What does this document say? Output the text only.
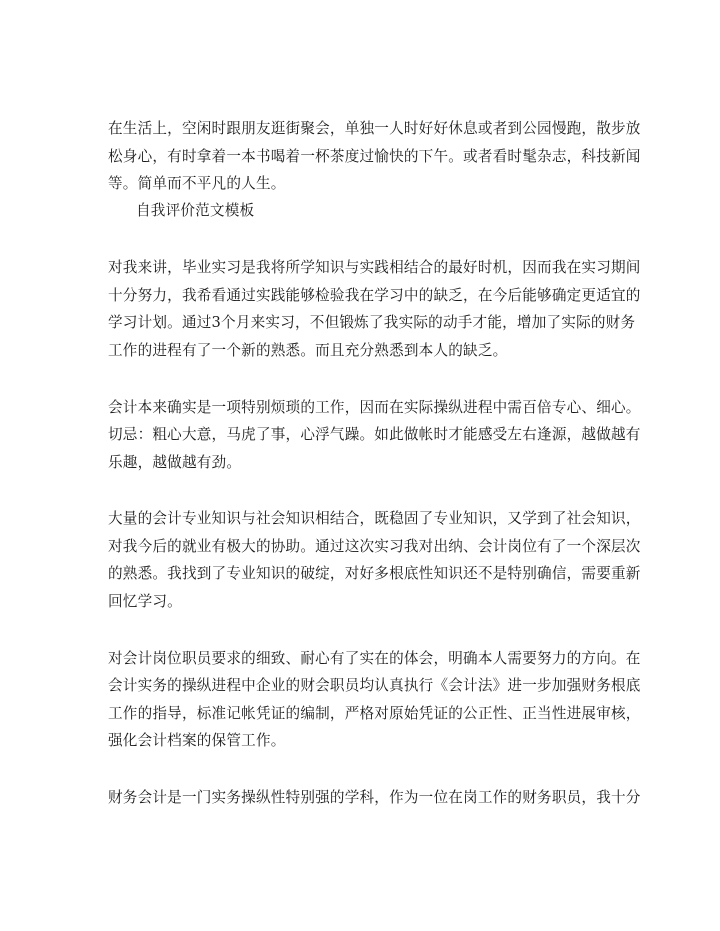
在生活上，空闲时跟朋友逛街聚会，单独一人时好好休息或者到公园慢跑，散步放
松身心，有时拿着一本书喝着一杯茶度过愉快的下午。或者看时髦杂志，科技新闻
等。简单而不平凡的人生。
自我评价范文模板
对我来讲，毕业实习是我将所学知识与实践相结合的最好时机，因而我在实习期间
十分努力，我希看通过实践能够检验我在学习中的缺乏，在今后能够确定更适宜的
学习计划。通过3个月来实习，不但锻炼了我实际的动手才能，增加了实际的财务
工作的进程有了一个新的熟悉。而且充分熟悉到本人的缺乏。
会计本来确实是一项特别烦琐的工作，因而在实际操纵进程中需百倍专心、细心。
切忌：粗心大意，马虎了事，心浮气躁。如此做帐时才能感受左右逢源，越做越有
乐趣，越做越有劲。
大量的会计专业知识与社会知识相结合，既稳固了专业知识，又学到了社会知识，
对我今后的就业有极大的协助。通过这次实习我对出纳、会计岗位有了一个深层次
的熟悉。我找到了专业知识的破绽，对好多根底性知识还不是特别确信，需要重新
回忆学习。
对会计岗位职员要求的细致、耐心有了实在的体会，明确本人需要努力的方向。在
会计实务的操纵进程中企业的财会职员均认真执行《会计法》进一步加强财务根底
工作的指导，标准记帐凭证的编制，严格对原始凭证的公正性、正当性进展审核，
强化会计档案的保管工作。
财务会计是一门实务操纵性特别强的学科，作为一位在岗工作的财务职员，我十分
